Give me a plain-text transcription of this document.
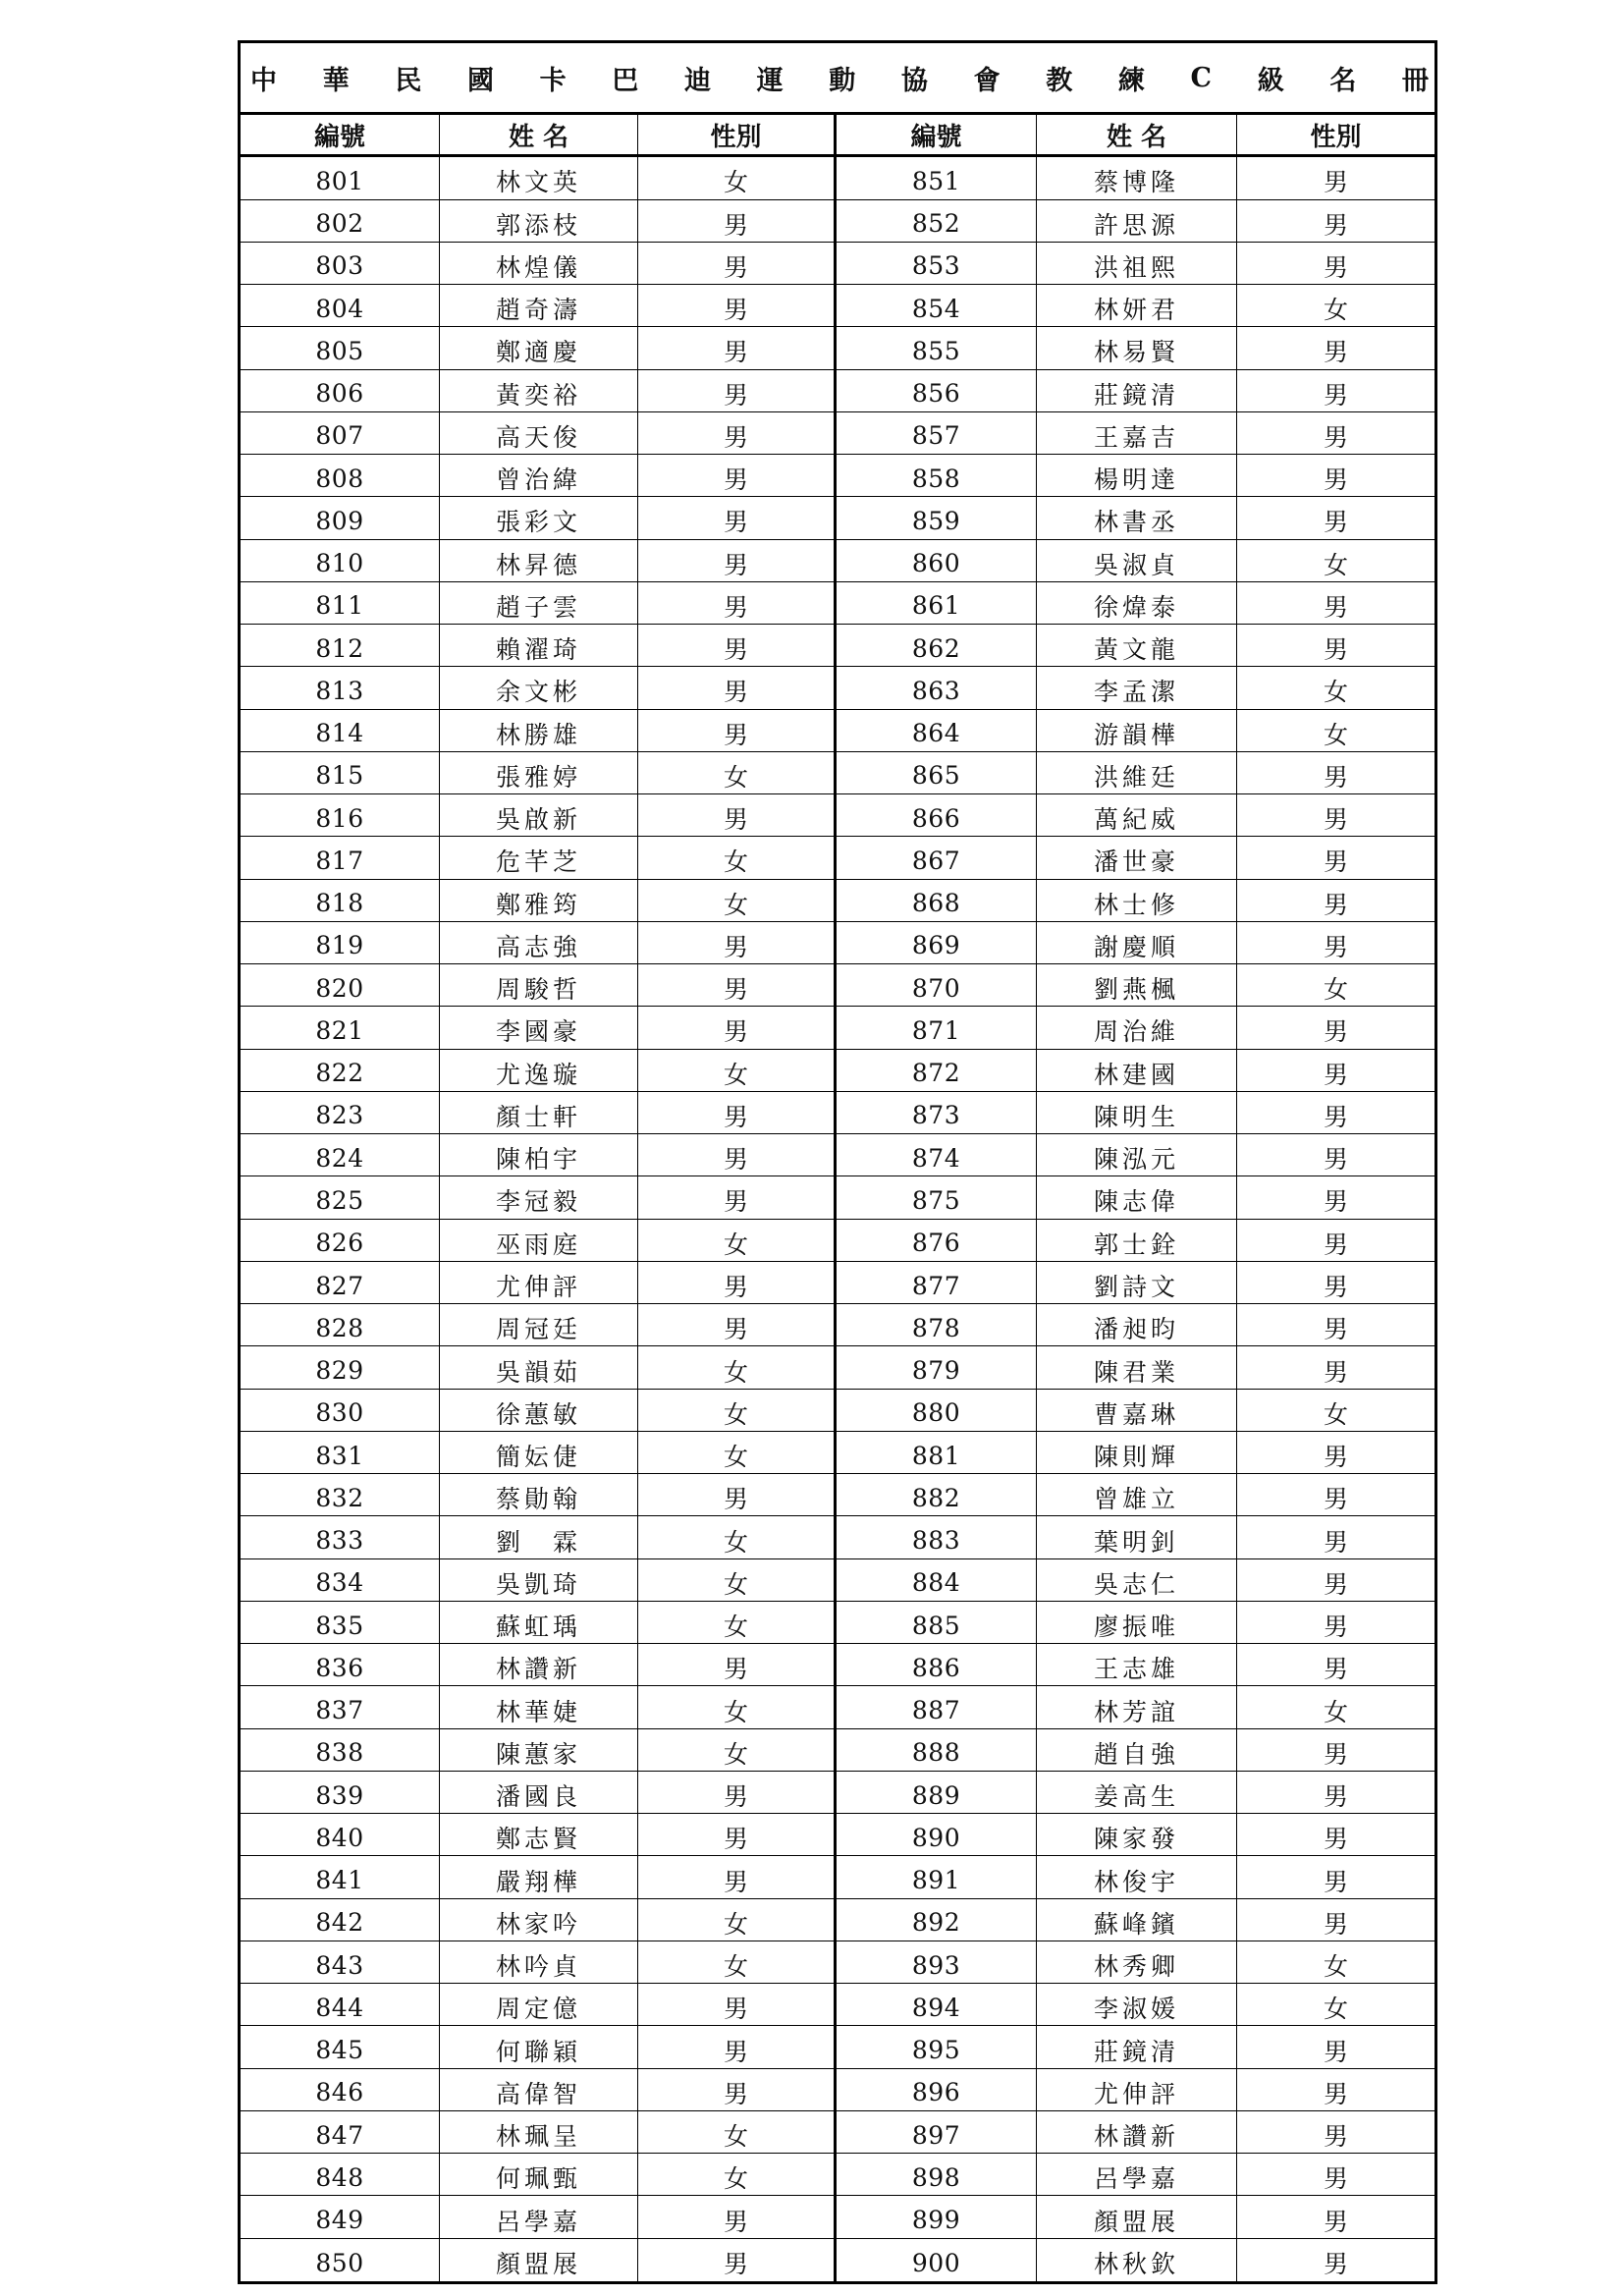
中 華 民 國 卡 巴 迪 運 動 協 會 教 練 C 級 名 冊
編號	姓 名	性別	編號	姓 名	性別
801	林文英	女	851	蔡博隆	男
802	郭添枝	男	852	許思源	男
803	林煌儀	男	853	洪祖熙	男
804	趙奇濤	男	854	林妍君	女
805	鄭適慶	男	855	林易賢	男
806	黃奕裕	男	856	莊鏡清	男
807	高天俊	男	857	王嘉吉	男
808	曾治緯	男	858	楊明達	男
809	張彩文	男	859	林書丞	男
810	林昇德	男	860	吳淑貞	女
811	趙子雲	男	861	徐煒泰	男
812	賴濯琦	男	862	黃文龍	男
813	余文彬	男	863	李孟潔	女
814	林勝雄	男	864	游韻樺	女
815	張雅婷	女	865	洪維廷	男
816	吳啟新	男	866	萬紀威	男
817	危芊芝	女	867	潘世豪	男
818	鄭雅筠	女	868	林士修	男
819	高志強	男	869	謝慶順	男
820	周駿哲	男	870	劉燕楓	女
821	李國豪	男	871	周治維	男
822	尤逸璇	女	872	林建國	男
823	顏士軒	男	873	陳明生	男
824	陳柏宇	男	874	陳泓元	男
825	李冠毅	男	875	陳志偉	男
826	巫雨庭	女	876	郭士銓	男
827	尤伸評	男	877	劉詩文	男
828	周冠廷	男	878	潘昶昀	男
829	吳韻茹	女	879	陳君業	男
830	徐蕙敏	女	880	曹嘉琳	女
831	簡妘倢	女	881	陳則輝	男
832	蔡勛翰	男	882	曾雄立	男
833	劉　霖	女	883	葉明釗	男
834	吳凱琦	女	884	吳志仁	男
835	蘇虹瑀	女	885	廖振唯	男
836	林讚新	男	886	王志雄	男
837	林華婕	女	887	林芳誼	女
838	陳蕙家	女	888	趙自強	男
839	潘國良	男	889	姜高生	男
840	鄭志賢	男	890	陳家發	男
841	嚴翔樺	男	891	林俊宇	男
842	林家吟	女	892	蘇峰鑌	男
843	林吟貞	女	893	林秀卿	女
844	周定億	男	894	李淑媛	女
845	何聯穎	男	895	莊鏡清	男
846	高偉智	男	896	尤伸評	男
847	林珮呈	女	897	林讚新	男
848	何珮甄	女	898	呂學嘉	男
849	呂學嘉	男	899	顏盟展	男
850	顏盟展	男	900	林秋欽	男
